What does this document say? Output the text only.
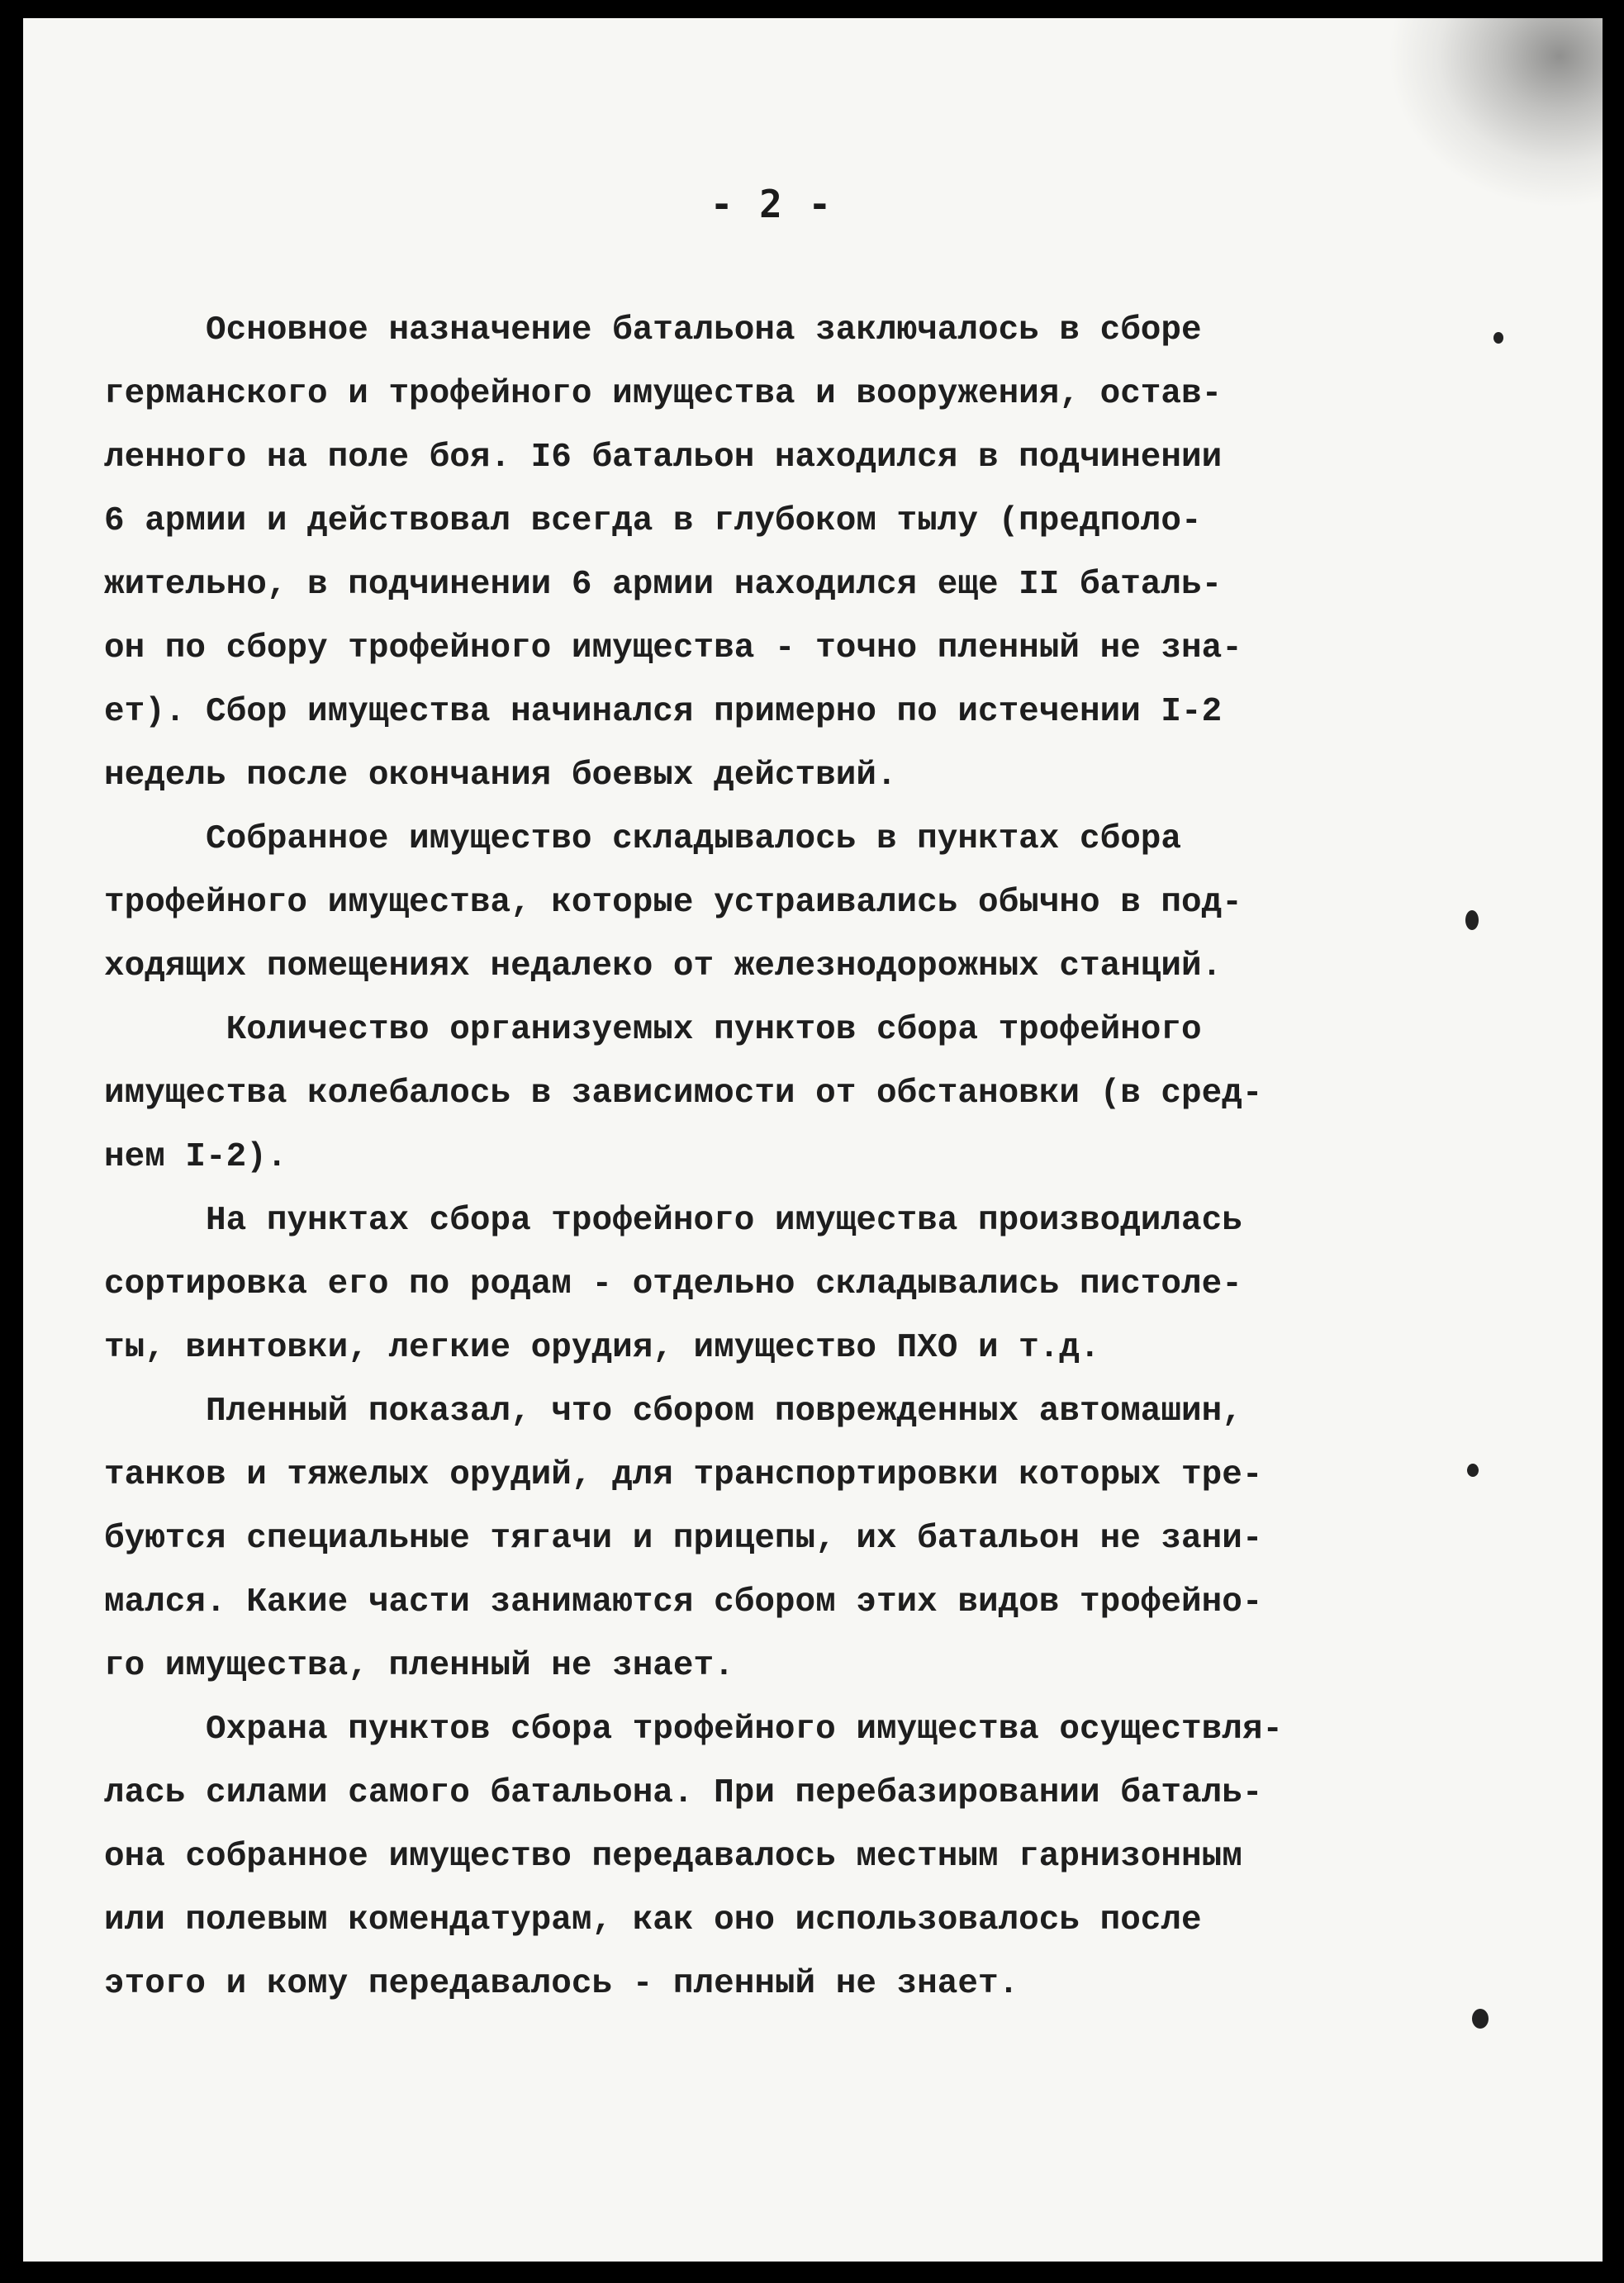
- 2 -

Основное назначение батальона заключалось в сборе
германского и трофейного имущества и вооружения, остав-
ленного на поле боя. I6 батальон находился в подчинении
6 армии и действовал всегда в глубоком тылу (предполо-
жительно, в подчинении 6 армии находился еще II баталь-
он по сбору трофейного имущества - точно пленный не зна-
ет). Сбор имущества начинался примерно по истечении I-2
недель после окончания боевых действий.

Собранное имущество складывалось в пунктах сбора
трофейного имущества, которые устраивались обычно в под-
ходящих помещениях недалеко от железнодорожных станций.

Количество организуемых пунктов сбора трофейного
имущества колебалось в зависимости от обстановки (в сред-
нем I-2).

На пунктах сбора трофейного имущества производилась
сортировка его по родам - отдельно складывались пистоле-
ты, винтовки, легкие орудия, имущество ПХО и т.д.

Пленный показал, что сбором поврежденных автомашин,
танков и тяжелых орудий, для транспортировки которых тре-
буются специальные тягачи и прицепы, их батальон не зани-
мался. Какие части занимаются сбором этих видов трофейно-
го имущества, пленный не знает.

Охрана пунктов сбора трофейного имущества осуществля-
лась силами самого батальона. При перебазировании баталь-
она собранное имущество передавалось местным гарнизонным
или полевым комендатурам, как оно использовалось после
этого и кому передавалось - пленный не знает.
